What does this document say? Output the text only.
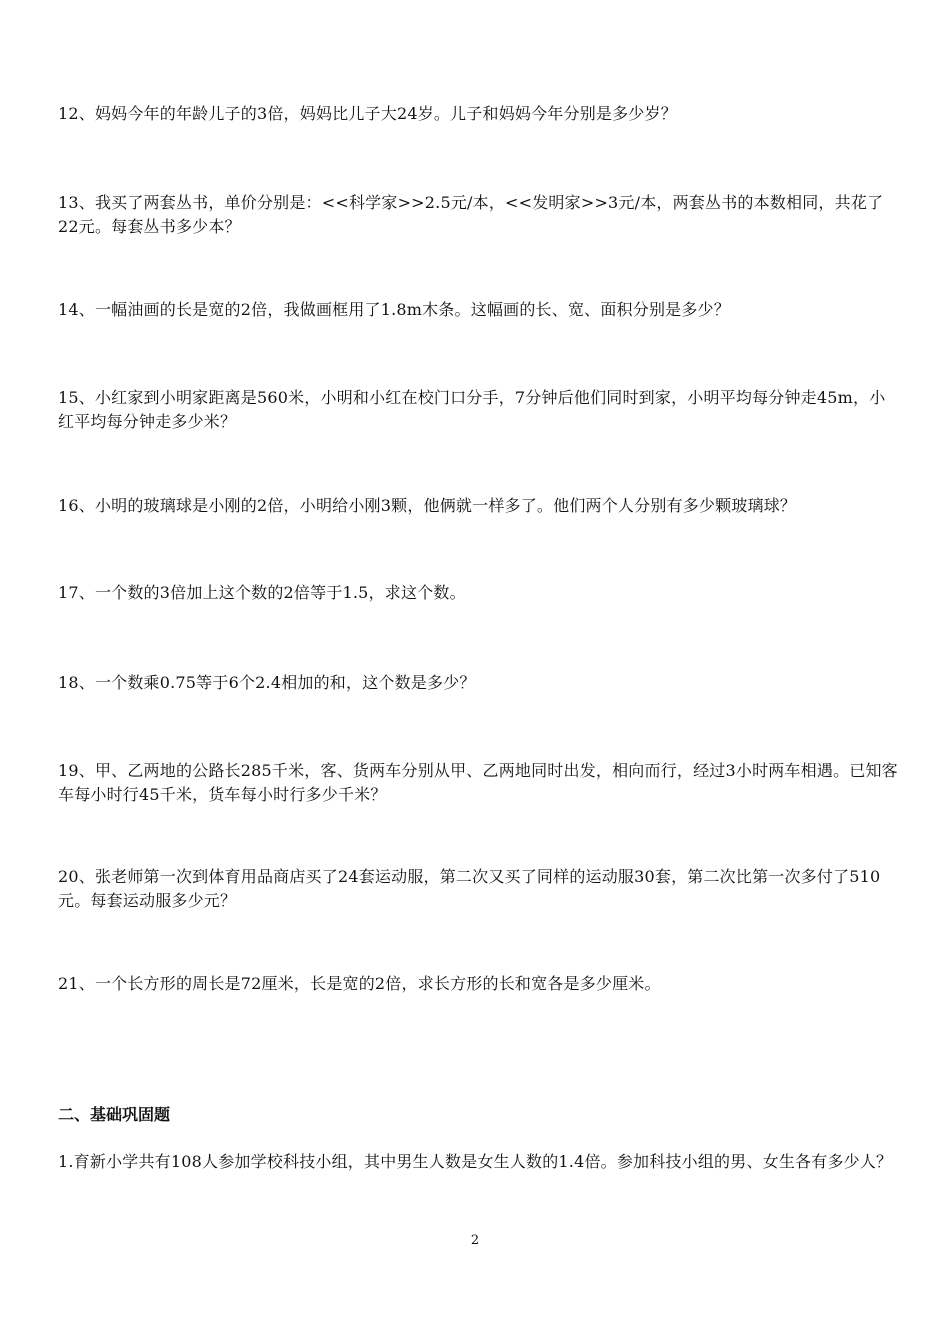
12、妈妈今年的年龄儿子的3倍，妈妈比儿子大24岁。儿子和妈妈今年分别是多少岁？

13、我买了两套丛书，单价分别是：<<科学家>>2.5元/本，<<发明家>>3元/本，两套丛书的本数相同，共花了22元。每套丛书多少本？

14、一幅油画的长是宽的2倍，我做画框用了1.8m木条。这幅画的长、宽、面积分别是多少？

15、小红家到小明家距离是560米，小明和小红在校门口分手，7分钟后他们同时到家，小明平均每分钟走45m，小红平均每分钟走多少米？

16、小明的玻璃球是小刚的2倍，小明给小刚3颗，他俩就一样多了。他们两个人分别有多少颗玻璃球？

17、一个数的3倍加上这个数的2倍等于1.5，求这个数。

18、一个数乘0.75等于6个2.4相加的和，这个数是多少？

19、甲、乙两地的公路长285千米，客、货两车分别从甲、乙两地同时出发，相向而行，经过3小时两车相遇。已知客车每小时行45千米，货车每小时行多少千米？

20、张老师第一次到体育用品商店买了24套运动服，第二次又买了同样的运动服30套，第二次比第一次多付了510元。每套运动服多少元？

21、一个长方形的周长是72厘米，长是宽的2倍，求长方形的长和宽各是多少厘米。

二、基础巩固题

1.育新小学共有108人参加学校科技小组，其中男生人数是女生人数的1.4倍。参加科技小组的男、女生各有多少人？

2
